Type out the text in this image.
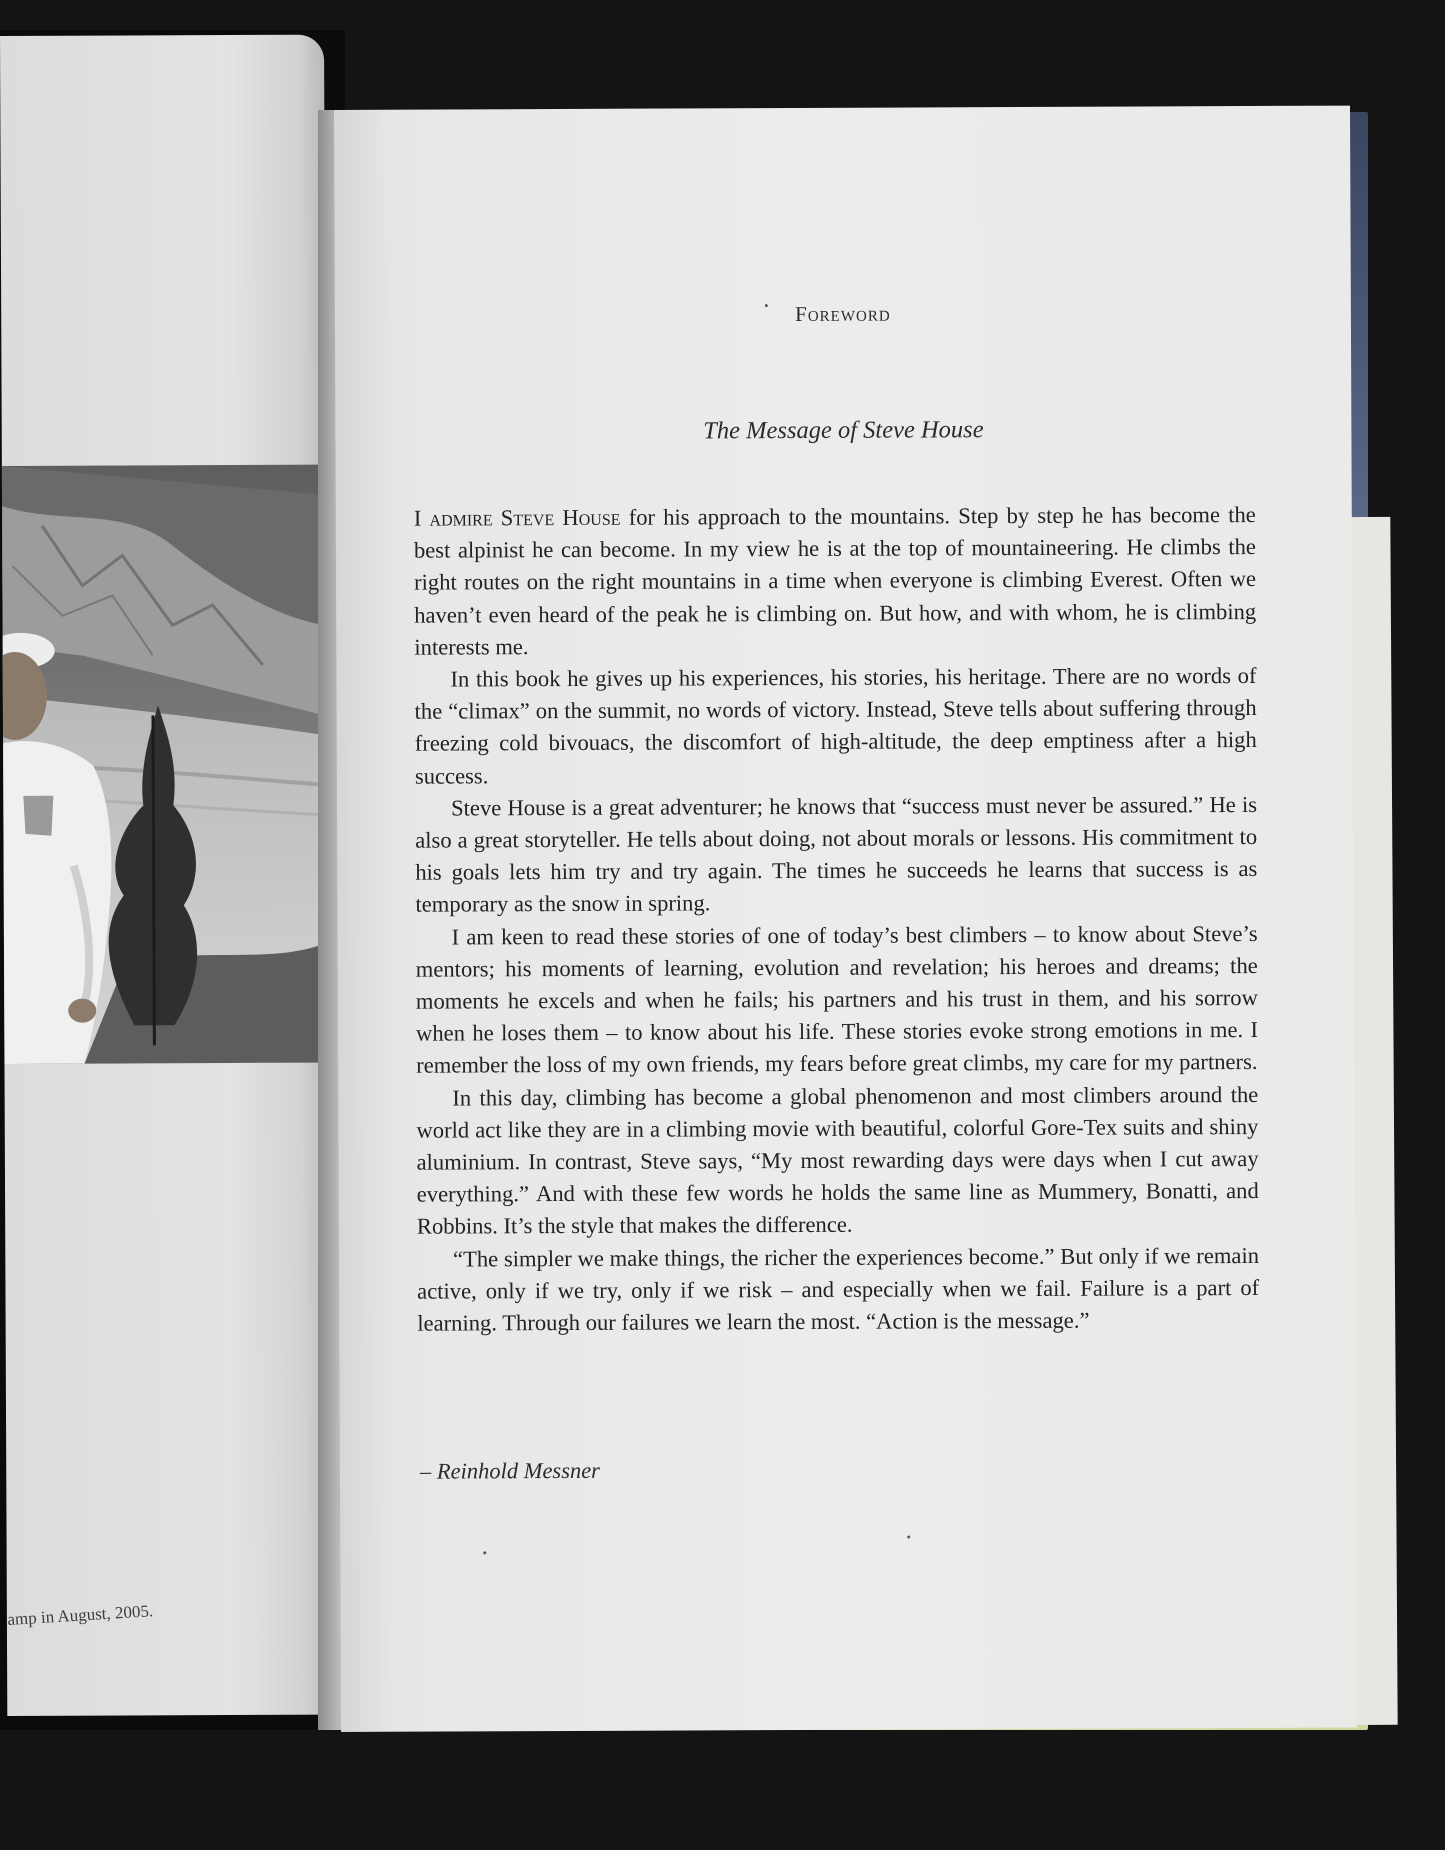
amp in August, 2005.
Foreword
The Message of Steve House

I admire Steve House for his approach to the mountains. Step by step he has become the best alpinist he can become. In my view he is at the top of mountaineering. He climbs the right routes on the right mountains in a time when everyone is climbing Everest. Often we haven’t even heard of the peak he is climbing on. But how, and with whom, he is climbing interests me.

In this book he gives up his experiences, his stories, his heritage. There are no words of the “climax” on the summit, no words of victory. Instead, Steve tells about suffering through freezing cold bivouacs, the discomfort of high-altitude, the deep emptiness after a high success.

Steve House is a great adventurer; he knows that “success must never be assured.” He is also a great storyteller. He tells about doing, not about morals or lessons. His commitment to his goals lets him try and try again. The times he succeeds he learns that success is as temporary as the snow in spring.

I am keen to read these stories of one of today’s best climbers – to know about Steve’s mentors; his moments of learning, evolution and revelation; his heroes and dreams; the moments he excels and when he fails; his partners and his trust in them, and his sorrow when he loses them – to know about his life. These stories evoke strong emotions in me. I remember the loss of my own friends, my fears before great climbs, my care for my partners.

In this day, climbing has become a global phenomenon and most climbers around the world act like they are in a climbing movie with beautiful, colorful Gore-Tex suits and shiny aluminium. In contrast, Steve says, “My most rewarding days were days when I cut away everything.” And with these few words he holds the same line as Mummery, Bonatti, and Robbins. It’s the style that makes the difference.

“The simpler we make things, the richer the experiences become.” But only if we remain active, only if we try, only if we risk – and especially when we fail. Failure is a part of learning. Through our failures we learn the most. “Action is the message.”

– Reinhold Messner
